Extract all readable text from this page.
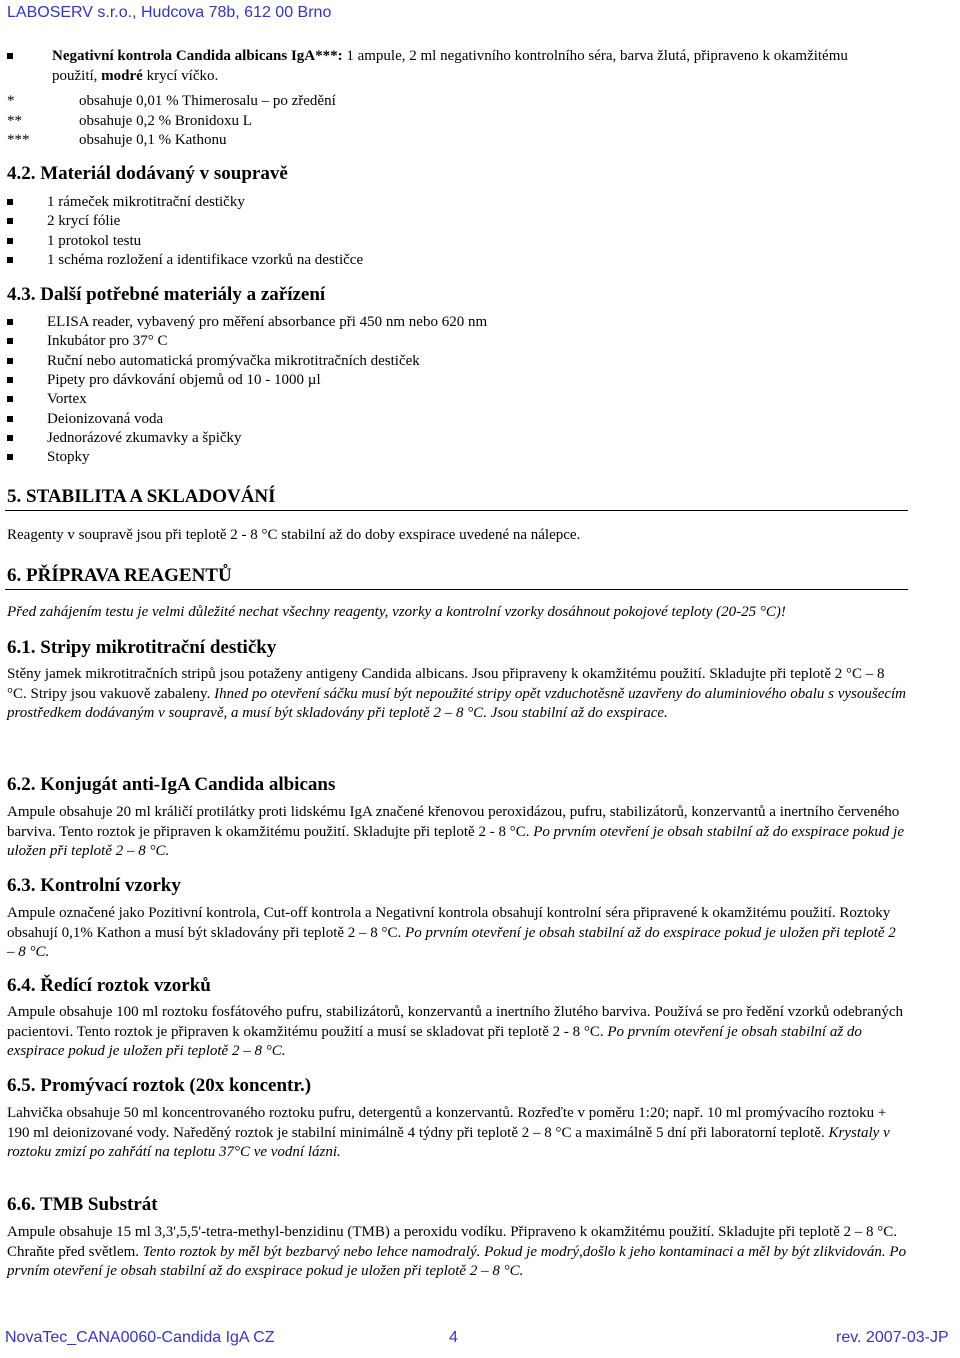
LABOSERV s.r.o., Hudcova 78b, 612 00 Brno
Negativní kontrola Candida albicans IgA***: 1 ampule, 2 ml negativního kontrolního séra, barva žlutá, připraveno k okamžitému použití, modré krycí víčko.
*	obsahuje 0,01 % Thimerosalu – po zředění
**	obsahuje 0,2 % Bronidoxu L
***	obsahuje 0,1 % Kathonu
4.2. Materiál dodávaný v soupravě
1 rámeček mikrotitrační destičky
2 krycí fólie
1 protokol testu
1 schéma rozložení a identifikace vzorků na destičce
4.3. Další potřebné materiály a zařízení
ELISA reader, vybavený pro měření absorbance při 450 nm nebo 620 nm
Inkubátor pro 37° C
Ruční nebo automatická promývačka mikrotitračních destiček
Pipety pro dávkování objemů od 10 - 1000 µl
Vortex
Deionizovaná voda
Jednorázové zkumavky a špičky
Stopky
5. STABILITA A SKLADOVÁNÍ
Reagenty v soupravě jsou při teplotě 2 - 8 °C stabilní až do doby exspirace uvedené na nálepce.
6. PŘÍPRAVA REAGENTŮ
Před zahájením testu je velmi důležité nechat všechny reagenty, vzorky a kontrolní vzorky dosáhnout pokojové teploty (20-25 °C)!
6.1. Stripy mikrotitrační destičky
Stěny jamek mikrotitračních stripů jsou potaženy antigeny Candida albicans. Jsou připraveny k okamžitému použití. Skladujte při teplotě 2 °C – 8 °C. Stripy jsou vakuově zabaleny. Ihned po otevření sáčku musí být nepoužité stripy opět vzduchotěsně uzavřeny do aluminiového obalu s vysoušecím prostředkem dodávaným v soupravě, a musí být skladovány při teplotě 2 – 8 °C. Jsou stabilní až do exspirace.
6.2. Konjugát anti-IgA Candida albicans
Ampule obsahuje 20 ml králičí protilátky proti lidskému IgA značené křenovou peroxidázou, pufru, stabilizátorů, konzervantů a inertního červeného barviva. Tento roztok je připraven k okamžitému použití. Skladujte při teplotě 2 - 8 °C. Po prvním otevření je obsah stabilní až do exspirace pokud je uložen při teplotě 2 – 8 °C.
6.3. Kontrolní vzorky
Ampule označené jako Pozitivní kontrola, Cut-off kontrola a Negativní kontrola obsahují kontrolní séra připravené k okamžitému použití. Roztoky obsahují 0,1% Kathon a musí být skladovány při teplotě 2 – 8 °C. Po prvním otevření je obsah stabilní až do exspirace pokud je uložen při teplotě 2 – 8 °C.
6.4. Ředící roztok vzorků
Ampule obsahuje 100 ml roztoku fosfátového pufru, stabilizátorů, konzervantů a inertního žlutého barviva. Používá se pro ředění vzorků odebraných pacientovi. Tento roztok je připraven k okamžitému použití a musí se skladovat při teplotě 2 - 8 °C. Po prvním otevření je obsah stabilní až do exspirace pokud je uložen při teplotě 2 – 8 °C.
6.5. Promývací roztok (20x koncentr.)
Lahvička obsahuje 50 ml koncentrovaného roztoku pufru, detergentů a konzervantů. Rozřeďte v poměru 1:20; např. 10 ml promývacího roztoku + 190 ml deionizované vody. Naředěný roztok je stabilní minimálně 4 týdny při teplotě 2 – 8 °C a maximálně 5 dní při laboratorní teplotě. Krystaly v roztoku zmizí po zahřátí na teplotu 37°C ve vodní lázni.
6.6. TMB Substrát
Ampule obsahuje 15 ml 3,3',5,5'-tetra-methyl-benzidinu (TMB) a peroxidu vodíku. Připraveno k okamžitému použití. Skladujte při teplotě 2 – 8 °C. Chraňte před světlem. Tento roztok by měl být bezbarvý nebo lehce namodralý. Pokud je modrý,došlo k jeho kontaminaci a měl by být zlikvidován. Po prvním otevření je obsah stabilní až do exspirace pokud je uložen při teplotě 2 – 8 °C.
NovaTec_CANA0060-Candida IgA CZ	4	rev. 2007-03-JP
